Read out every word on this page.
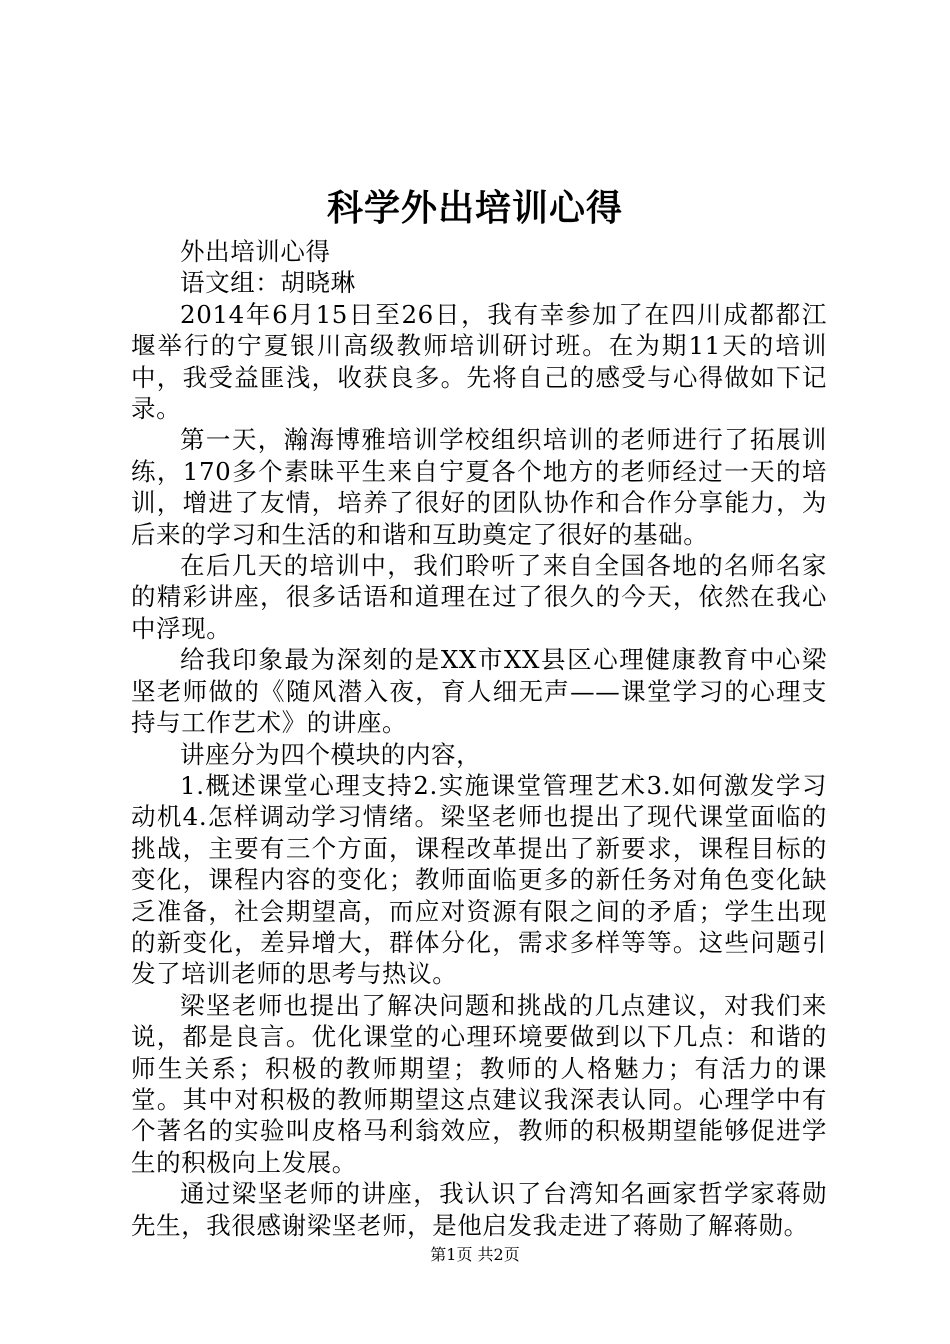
科学外出培训心得

外出培训心得

语文组：胡晓琳

2014年6月15日至26日，我有幸参加了在四川成都都江堰举行的宁夏银川高级教师培训研讨班。在为期11天的培训中，我受益匪浅，收获良多。先将自己的感受与心得做如下记录。

第一天，瀚海博雅培训学校组织培训的老师进行了拓展训练，170多个素昧平生来自宁夏各个地方的老师经过一天的培训，增进了友情，培养了很好的团队协作和合作分享能力，为后来的学习和生活的和谐和互助奠定了很好的基础。

在后几天的培训中，我们聆听了来自全国各地的名师名家的精彩讲座，很多话语和道理在过了很久的今天，依然在我心中浮现。

给我印象最为深刻的是XX市XX县区心理健康教育中心梁坚老师做的《随风潜入夜，育人细无声——课堂学习的心理支持与工作艺术》的讲座。

讲座分为四个模块的内容，

1.概述课堂心理支持2.实施课堂管理艺术3.如何激发学习动机4.怎样调动学习情绪。梁坚老师也提出了现代课堂面临的挑战，主要有三个方面，课程改革提出了新要求，课程目标的变化，课程内容的变化；教师面临更多的新任务对角色变化缺乏准备，社会期望高，而应对资源有限之间的矛盾；学生出现的新变化，差异增大，群体分化，需求多样等等。这些问题引发了培训老师的思考与热议。

梁坚老师也提出了解决问题和挑战的几点建议，对我们来说，都是良言。优化课堂的心理环境要做到以下几点：和谐的师生关系；积极的教师期望；教师的人格魅力；有活力的课堂。其中对积极的教师期望这点建议我深表认同。心理学中有个著名的实验叫皮格马利翁效应，教师的积极期望能够促进学生的积极向上发展。

通过梁坚老师的讲座，我认识了台湾知名画家哲学家蒋勋先生，我很感谢梁坚老师，是他启发我走进了蒋勋了解蒋勋。

第1页 共2页
